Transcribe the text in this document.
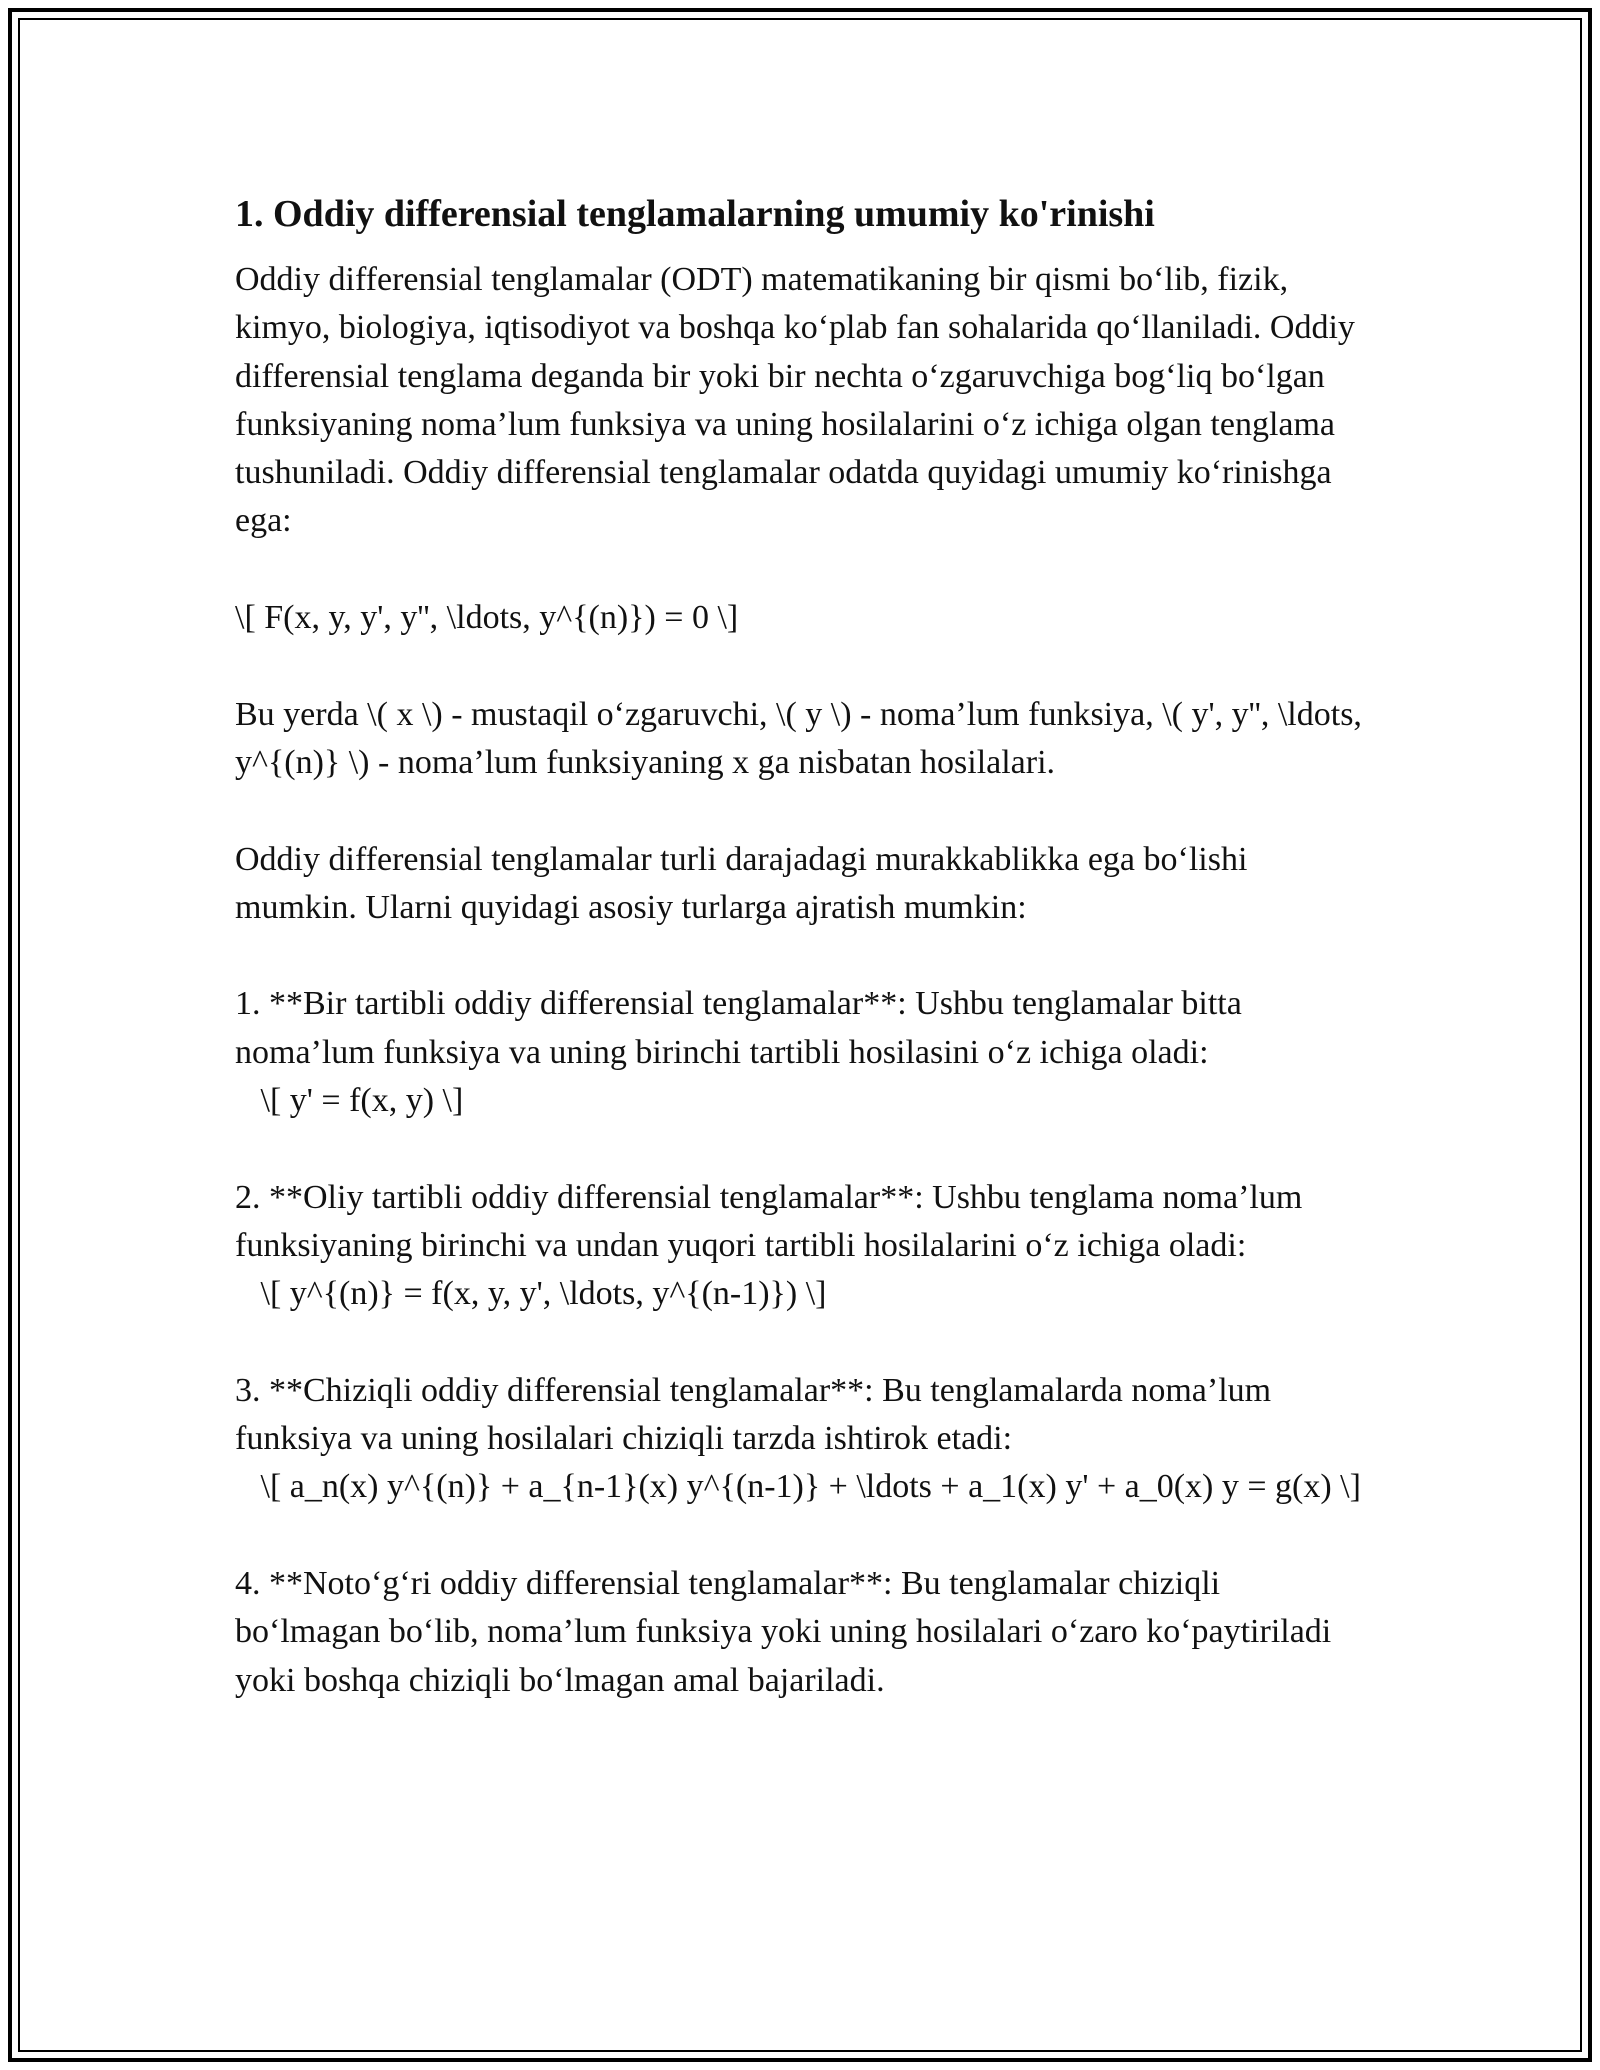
1. Oddiy differensial tenglamalarning umumiy ko'rinishi

Oddiy differensial tenglamalar (ODT) matematikaning bir qismi bo‘lib, fizik, kimyo, biologiya, iqtisodiyot va boshqa ko‘plab fan sohalarida qo‘llaniladi. Oddiy differensial tenglama deganda bir yoki bir nechta o‘zgaruvchiga bog‘liq bo‘lgan funksiyaning noma’lum funksiya va uning hosilalarini o‘z ichiga olgan tenglama tushuniladi. Oddiy differensial tenglamalar odatda quyidagi umumiy ko‘rinishga ega:

\[ F(x, y, y', y'', \ldots, y^{(n)}) = 0 \]

Bu yerda \( x \) - mustaqil o‘zgaruvchi, \( y \) - noma’lum funksiya, \( y', y'', \ldots, y^{(n)} \) - noma’lum funksiyaning x ga nisbatan hosilalari.

Oddiy differensial tenglamalar turli darajadagi murakkablikka ega bo‘lishi mumkin. Ularni quyidagi asosiy turlarga ajratish mumkin:

1. **Bir tartibli oddiy differensial tenglamalar**: Ushbu tenglamalar bitta noma’lum funksiya va uning birinchi tartibli hosilasini o‘z ichiga oladi:
\[ y' = f(x, y) \]

2. **Oliy tartibli oddiy differensial tenglamalar**: Ushbu tenglama noma’lum funksiyaning birinchi va undan yuqori tartibli hosilalarini o‘z ichiga oladi:
\[ y^{(n)} = f(x, y, y', \ldots, y^{(n-1)}) \]

3. **Chiziqli oddiy differensial tenglamalar**: Bu tenglamalarda noma’lum funksiya va uning hosilalari chiziqli tarzda ishtirok etadi:
\[ a_n(x) y^{(n)} + a_{n-1}(x) y^{(n-1)} + \ldots + a_1(x) y' + a_0(x) y = g(x) \]

4. **Noto‘g‘ri oddiy differensial tenglamalar**: Bu tenglamalar chiziqli bo‘lmagan bo‘lib, noma’lum funksiya yoki uning hosilalari o‘zaro ko‘paytiriladi yoki boshqa chiziqli bo‘lmagan amal bajariladi.
